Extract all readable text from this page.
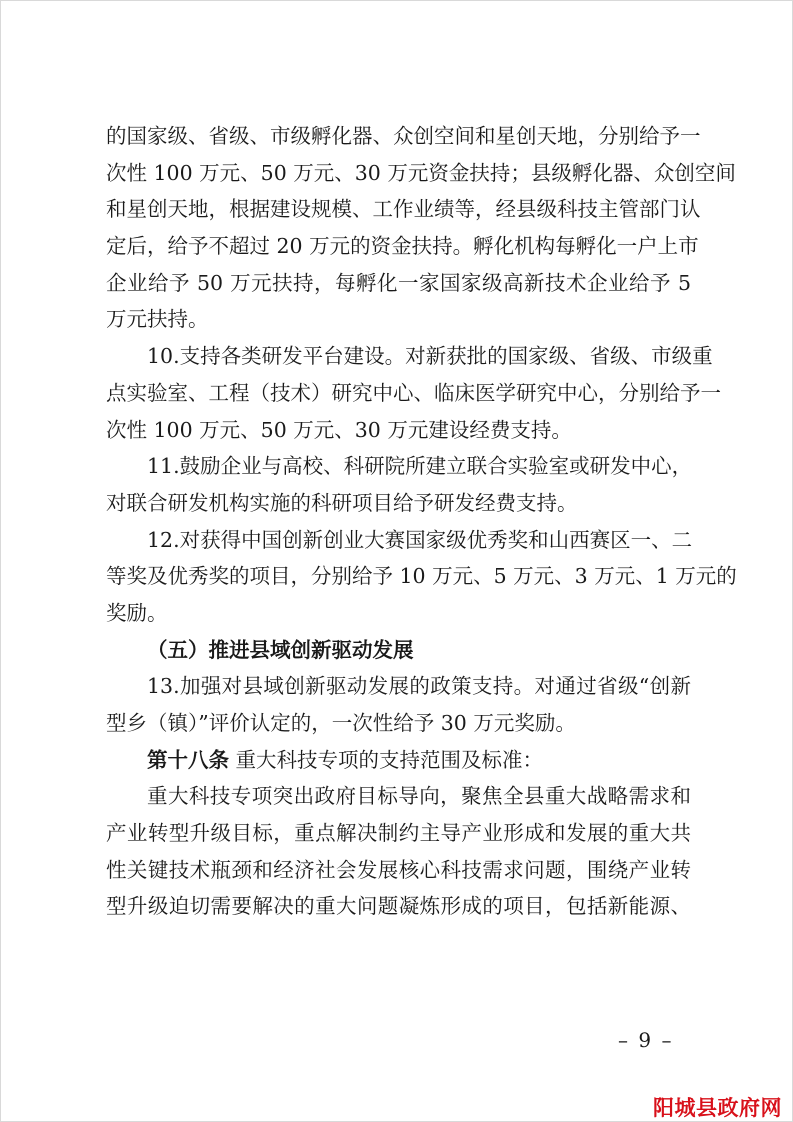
的国家级、省级、市级孵化器、众创空间和星创天地，分别给予一
次性 100 万元、50 万元、30 万元资金扶持；县级孵化器、众创空间
和星创天地，根据建设规模、工作业绩等，经县级科技主管部门认
定后，给予不超过 20 万元的资金扶持。孵化机构每孵化一户上市
企业给予 50 万元扶持，每孵化一家国家级高新技术企业给予 5
万元扶持。

10.支持各类研发平台建设。对新获批的国家级、省级、市级重
点实验室、工程（技术）研究中心、临床医学研究中心，分别给予一
次性 100 万元、50 万元、30 万元建设经费支持。

11.鼓励企业与高校、科研院所建立联合实验室或研发中心，
对联合研发机构实施的科研项目给予研发经费支持。

12.对获得中国创新创业大赛国家级优秀奖和山西赛区一、二
等奖及优秀奖的项目，分别给予 10 万元、5 万元、3 万元、1 万元的
奖励。

（五）推进县域创新驱动发展

13.加强对县域创新驱动发展的政策支持。对通过省级“创新
型乡（镇）”评价认定的，一次性给予 30 万元奖励。

第十八条 重大科技专项的支持范围及标准：

重大科技专项突出政府目标导向，聚焦全县重大战略需求和
产业转型升级目标，重点解决制约主导产业形成和发展的重大共
性关键技术瓶颈和经济社会发展核心科技需求问题，围绕产业转
型升级迫切需要解决的重大问题凝炼形成的项目，包括新能源、

– 9 –
阳城县政府网
